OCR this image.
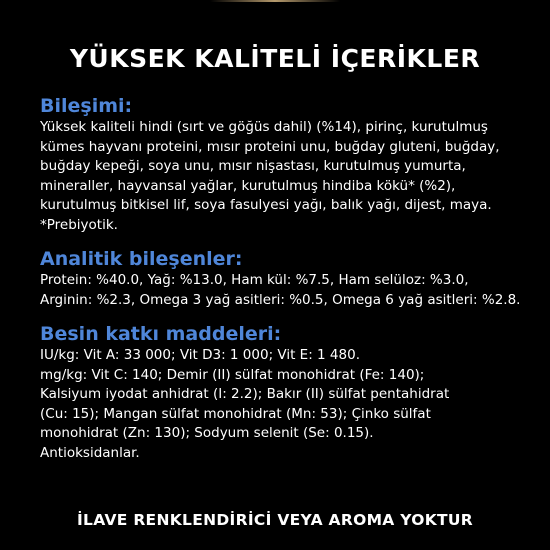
YÜKSEK KALİTELİ İÇERİKLER
Bileşimi:
Yüksek kaliteli hindi (sırt ve göğüs dahil) (%14), pirinç, kurutulmuş
kümes hayvanı proteini, mısır proteini unu, buğday gluteni, buğday,
buğday kepeği, soya unu, mısır nişastası, kurutulmuş yumurta,
mineraller, hayvansal yağlar, kurutulmuş hindiba kökü* (%2),
kurutulmuş bitkisel lif, soya fasulyesi yağı, balık yağı, dijest, maya.
*Prebiyotik.
Analitik bileşenler:
Protein: %40.0, Yağ: %13.0, Ham kül: %7.5, Ham selüloz: %3.0,
Arginin: %2.3, Omega 3 yağ asitleri: %0.5, Omega 6 yağ asitleri: %2.8.
Besin katkı maddeleri:
IU/kg: Vit A: 33 000; Vit D3: 1 000; Vit E: 1 480.
mg/kg: Vit C: 140; Demir (II) sülfat monohidrat (Fe: 140);
Kalsiyum iyodat anhidrat (I: 2.2); Bakır (II) sülfat pentahidrat
(Cu: 15); Mangan sülfat monohidrat (Mn: 53); Çinko sülfat
monohidrat (Zn: 130); Sodyum selenit (Se: 0.15).
Antioksidanlar.
İLAVE RENKLENDİRİCİ VEYA AROMA YOKTUR
